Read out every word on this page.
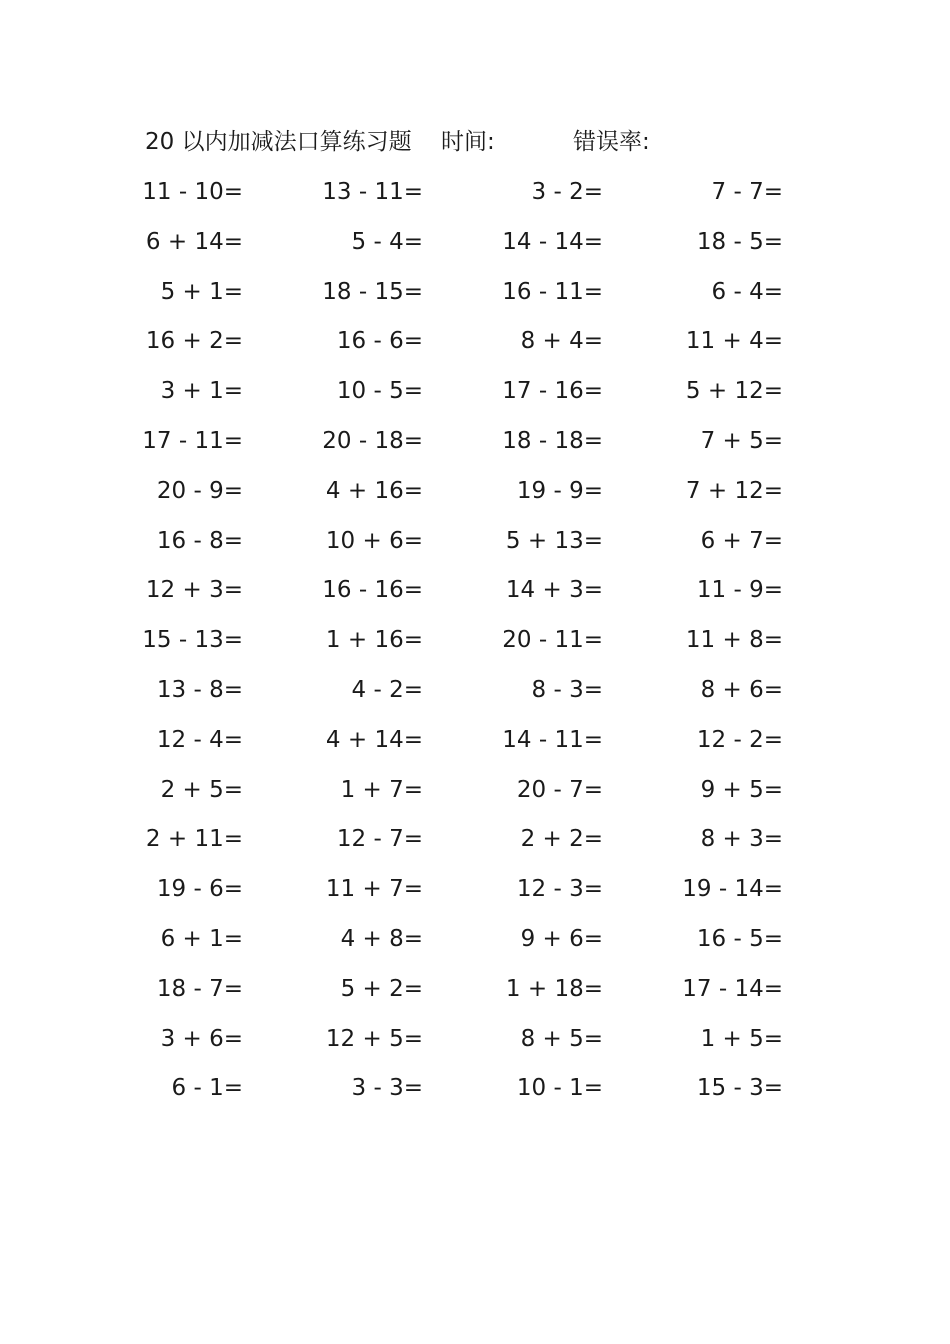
20 以内加减法口算练习题 时间:	错误率:
11 - 10=	13 - 11=	3 - 2=	7 - 7=
6 + 14=	5 - 4=	14 - 14=	18 - 5=
5 + 1=	18 - 15=	16 - 11=	6 - 4=
16 + 2=	16 - 6=	8 + 4=	11 + 4=
3 + 1=	10 - 5=	17 - 16=	5 + 12=
17 - 11=	20 - 18=	18 - 18=	7 + 5=
20 - 9=	4 + 16=	19 - 9=	7 + 12=
16 - 8=	10 + 6=	5 + 13=	6 + 7=
12 + 3=	16 - 16=	14 + 3=	11 - 9=
15 - 13=	1 + 16=	20 - 11=	11 + 8=
13 - 8=	4 - 2=	8 - 3=	8 + 6=
12 - 4=	4 + 14=	14 - 11=	12 - 2=
2 + 5=	1 + 7=	20 - 7=	9 + 5=
2 + 11=	12 - 7=	2 + 2=	8 + 3=
19 - 6=	11 + 7=	12 - 3=	19 - 14=
6 + 1=	4 + 8=	9 + 6=	16 - 5=
18 - 7=	5 + 2=	1 + 18=	17 - 14=
3 + 6=	12 + 5=	8 + 5=	1 + 5=
6 - 1=	3 - 3=	10 - 1=	15 - 3=
